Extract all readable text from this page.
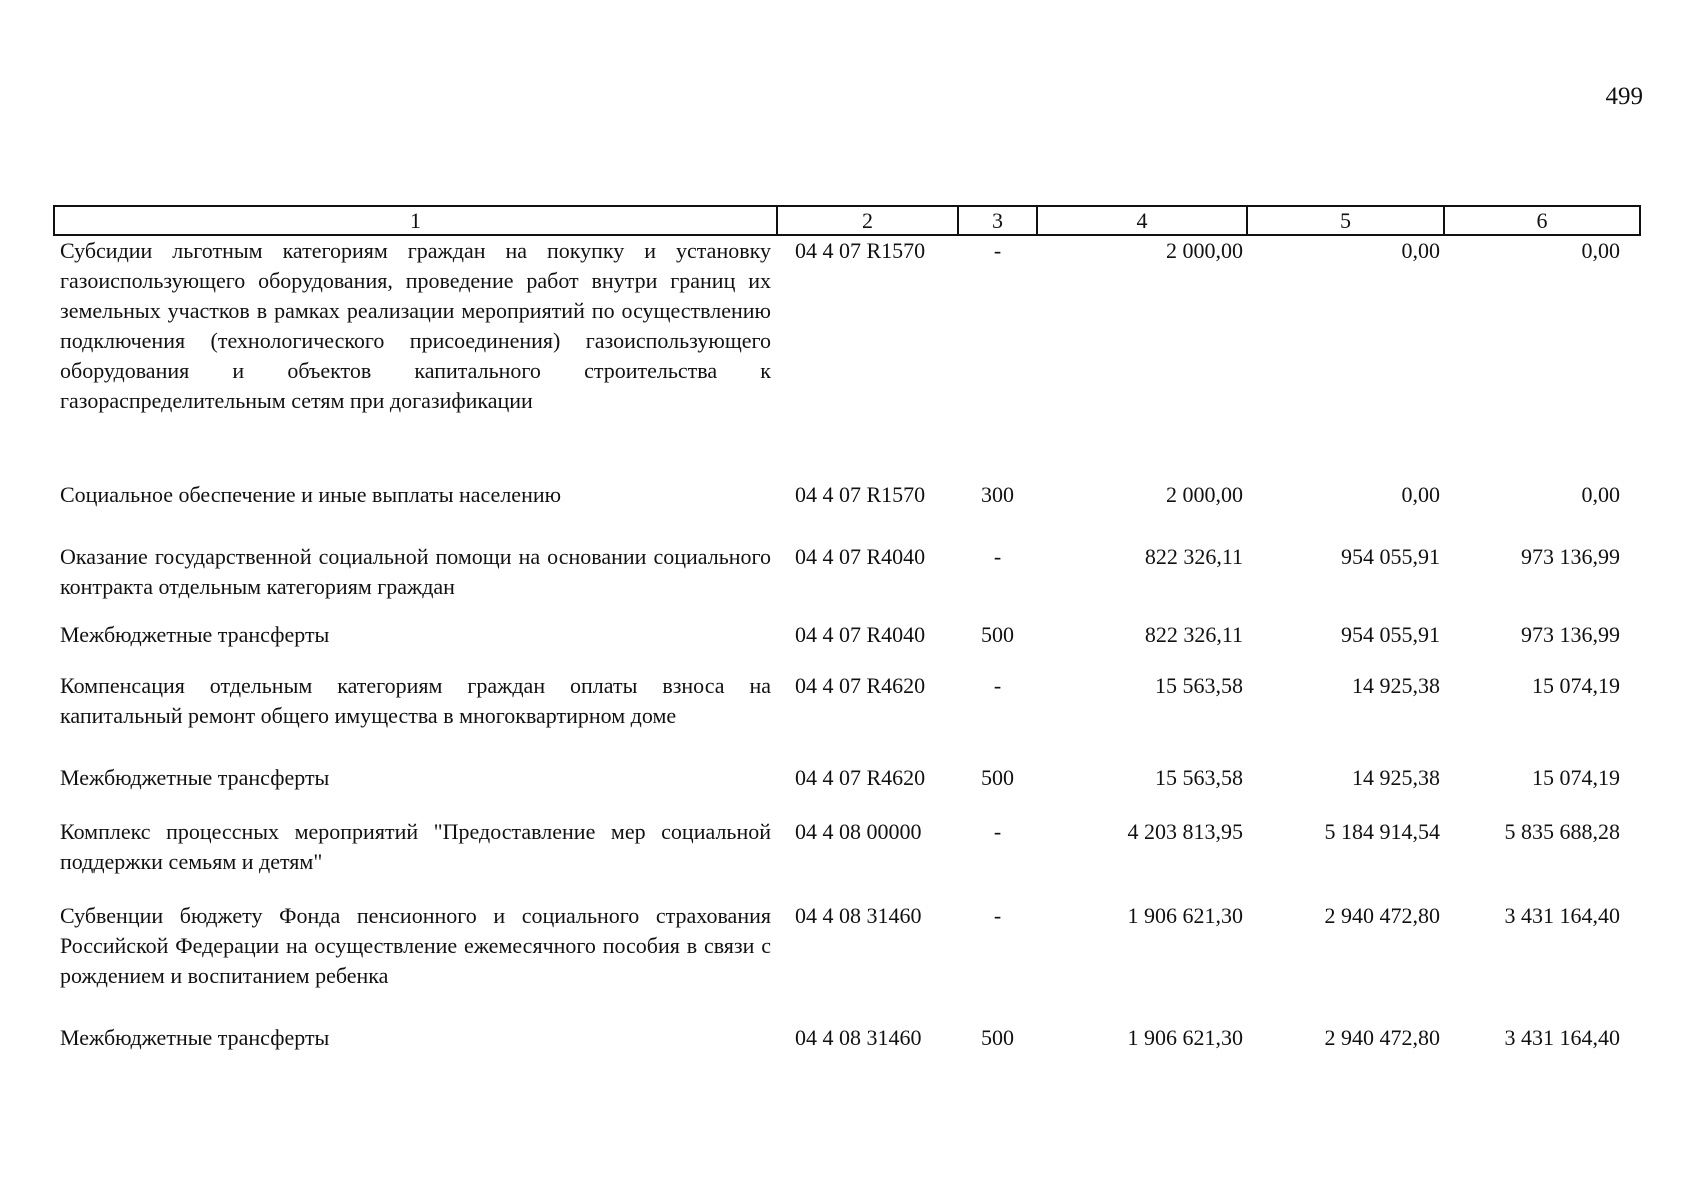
499
1	2	3	4	5	6
Субсидии льготным категориям граждан на покупку и установку газоиспользующего оборудования, проведение работ внутри границ их земельных участков в рамках реализации мероприятий по осуществлению подключения (технологического присоединения) газоиспользующего оборудования и объектов капитального строительства к газораспределительным сетям при догазификации	04 4 07 R1570	-	2 000,00	0,00	0,00
Социальное обеспечение и иные выплаты населению	04 4 07 R1570	300	2 000,00	0,00	0,00
Оказание государственной социальной помощи на основании социального контракта отдельным категориям граждан	04 4 07 R4040	-	822 326,11	954 055,91	973 136,99
Межбюджетные трансферты	04 4 07 R4040	500	822 326,11	954 055,91	973 136,99
Компенсация отдельным категориям граждан оплаты взноса на капитальный ремонт общего имущества в многоквартирном доме	04 4 07 R4620	-	15 563,58	14 925,38	15 074,19
Межбюджетные трансферты	04 4 07 R4620	500	15 563,58	14 925,38	15 074,19
Комплекс процессных мероприятий "Предоставление мер социальной поддержки семьям и детям"	04 4 08 00000	-	4 203 813,95	5 184 914,54	5 835 688,28
Субвенции бюджету Фонда пенсионного и социального страхования Российской Федерации на осуществление ежемесячного пособия в связи с рождением и воспитанием ребенка	04 4 08 31460	-	1 906 621,30	2 940 472,80	3 431 164,40
Межбюджетные трансферты	04 4 08 31460	500	1 906 621,30	2 940 472,80	3 431 164,40
